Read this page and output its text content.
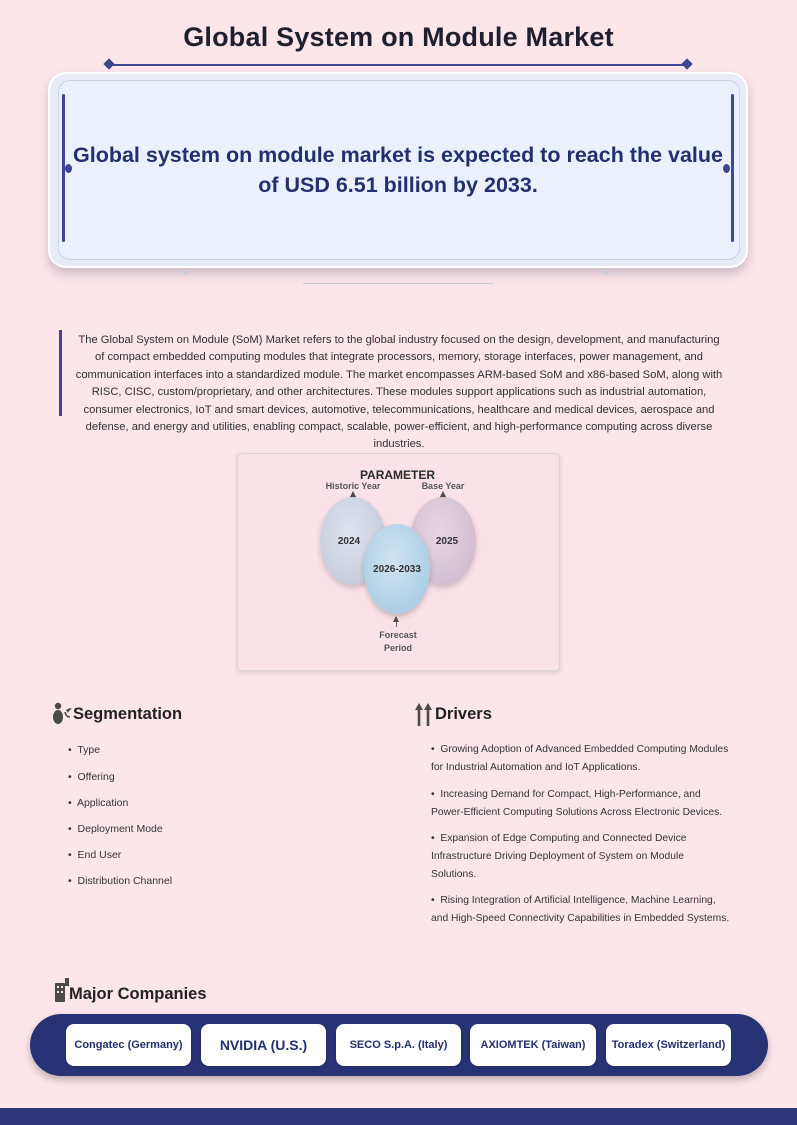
Global System on Module Market
Global system on module market is expected to reach the value of USD 6.51 billion by 2033.
The Global System on Module (SoM) Market refers to the global industry focused on the design, development, and manufacturing of compact embedded computing modules that integrate processors, memory, storage interfaces, power management, and communication interfaces into a standardized module. The market encompasses ARM-based SoM and x86-based SoM, along with RISC, CISC, custom/proprietary, and other architectures. These modules support applications such as industrial automation, consumer electronics, IoT and smart devices, automotive, telecommunications, healthcare and medical devices, aerospace and defense, and energy and utilities, enabling compact, scalable, power-efficient, and high-performance computing across diverse industries.
PARAMETER
Historic Year	Base Year
2024	2025
2026-2033
Forecast
Period
Segmentation
•  Type
•  Offering
•  Application
•  Deployment Mode
•  End User
•  Distribution Channel
Drivers
•  Growing Adoption of Advanced Embedded Computing Modules for Industrial Automation and IoT Applications.
•  Increasing Demand for Compact, High-Performance, and Power-Efficient Computing Solutions Across Electronic Devices.
•  Expansion of Edge Computing and Connected Device Infrastructure Driving Deployment of System on Module Solutions.
•  Rising Integration of Artificial Intelligence, Machine Learning, and High-Speed Connectivity Capabilities in Embedded Systems.
Major Companies
Congatec (Germany)	NVIDIA (U.S.)	SECO S.p.A. (Italy)	AXIOMTEK (Taiwan)	Toradex (Switzerland)
